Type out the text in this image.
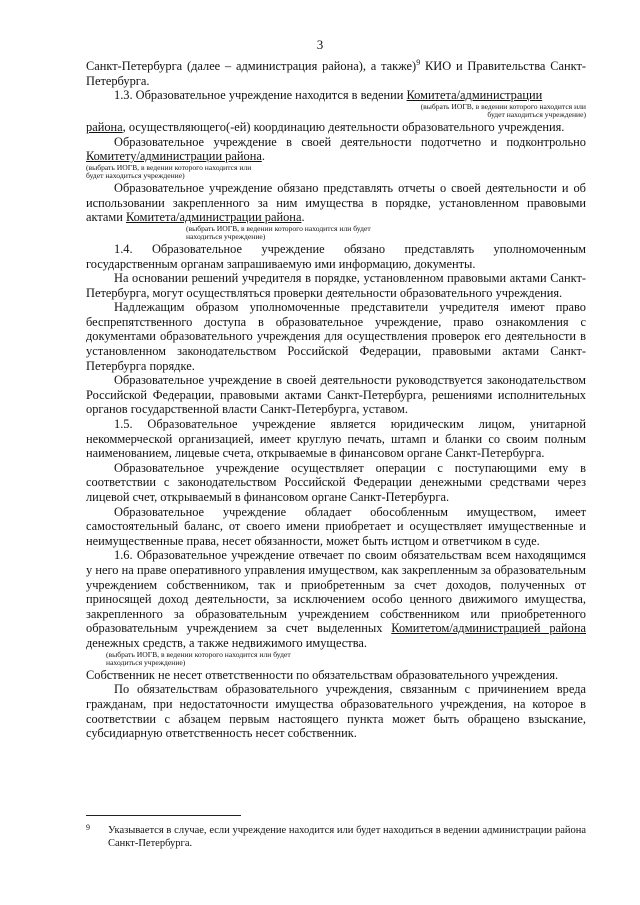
3

Санкт-Петербурга (далее – администрация района), а также)$^9$ КИО и Правительства Санкт-Петербурга.

1.3. Образовательное учреждение находится в ведении Комитета/администрации

(выбрать ИОГВ, в ведении которого находится или будет находиться учреждение)

района, осуществляющего(-ей) координацию деятельности образовательного учреждения.

Образовательное учреждение в своей деятельности подотчетно и подконтрольно Комитету/администрации района.

(выбрать ИОГВ, в ведении которого находится или будет находиться учреждение)

Образовательное учреждение обязано представлять отчеты о своей деятельности и об использовании закрепленного за ним имущества в порядке, установленном правовыми актами Комитета/администрации района.

(выбрать ИОГВ, в ведении которого находится или будет находиться учреждение)

1.4. Образовательное учреждение обязано представлять уполномоченным государственным органам запрашиваемую ими информацию, документы.

На основании решений учредителя в порядке, установленном правовыми актами Санкт-Петербурга, могут осуществляться проверки деятельности образовательного учреждения.

Надлежащим образом уполномоченные представители учредителя имеют право беспрепятственного доступа в образовательное учреждение, право ознакомления с документами образовательного учреждения для осуществления проверок его деятельности в установленном законодательством Российской Федерации, правовыми актами Санкт-Петербурга порядке.

Образовательное учреждение в своей деятельности руководствуется законодательством Российской Федерации, правовыми актами Санкт-Петербурга, решениями исполнительных органов государственной власти Санкт-Петербурга, уставом.

1.5. Образовательное учреждение является юридическим лицом, унитарной некоммерческой организацией, имеет круглую печать, штамп и бланки со своим полным наименованием, лицевые счета, открываемые в финансовом органе Санкт-Петербурга.

Образовательное учреждение осуществляет операции с поступающими ему в соответствии с законодательством Российской Федерации денежными средствами через лицевой счет, открываемый в финансовом органе Санкт-Петербурга.

Образовательное учреждение обладает обособленным имуществом, имеет самостоятельный баланс, от своего имени приобретает и осуществляет имущественные и неимущественные права, несет обязанности, может быть истцом и ответчиком в суде.

1.6. Образовательное учреждение отвечает по своим обязательствам всем находящимся у него на праве оперативного управления имуществом, как закрепленным за образовательным учреждением собственником, так и приобретенным за счет доходов, полученных от приносящей доход деятельности, за исключением особо ценного движимого имущества, закрепленного за образовательным учреждением собственником или приобретенного образовательным учреждением за счет выделенных Комитетом/администрацией района денежных средств, а также недвижимого имущества.

(выбрать ИОГВ, в ведении которого находится или будет находиться учреждение)

Собственник не несет ответственности по обязательствам образовательного учреждения.

По обязательствам образовательного учреждения, связанным с причинением вреда гражданам, при недостаточности имущества образовательного учреждения, на которое в соответствии с абзацем первым настоящего пункта может быть обращено взыскание, субсидиарную ответственность несет собственник.

9 Указывается в случае, если учреждение находится или будет находиться в ведении администрации района Санкт-Петербурга.
